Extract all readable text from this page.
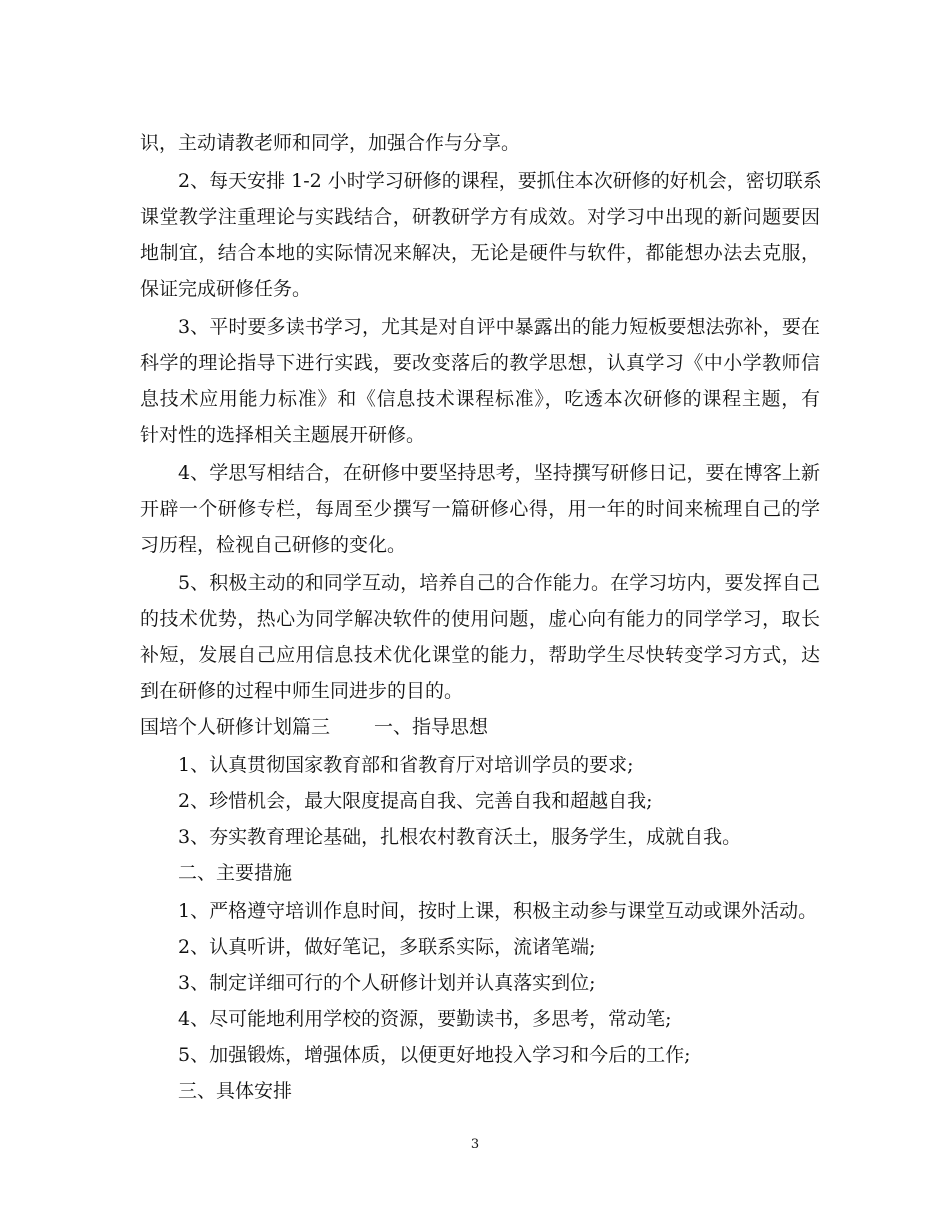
识，主动请教老师和同学，加强合作与分享。
2、每天安排 1-2 小时学习研修的课程，要抓住本次研修的好机会，密切联系
课堂教学注重理论与实践结合，研教研学方有成效。对学习中出现的新问题要因
地制宜，结合本地的实际情况来解决，无论是硬件与软件，都能想办法去克服，
保证完成研修任务。
3、平时要多读书学习，尤其是对自评中暴露出的能力短板要想法弥补，要在
科学的理论指导下进行实践，要改变落后的教学思想，认真学习《中小学教师信
息技术应用能力标准》和《信息技术课程标准》，吃透本次研修的课程主题，有
针对性的选择相关主题展开研修。
4、学思写相结合，在研修中要坚持思考，坚持撰写研修日记，要在博客上新
开辟一个研修专栏，每周至少撰写一篇研修心得，用一年的时间来梳理自己的学
习历程，检视自己研修的变化。
5、积极主动的和同学互动，培养自己的合作能力。在学习坊内，要发挥自己
的技术优势，热心为同学解决软件的使用问题，虚心向有能力的同学学习，取长
补短，发展自己应用信息技术优化课堂的能力，帮助学生尽快转变学习方式，达
到在研修的过程中师生同进步的目的。
国培个人研修计划篇三 一、指导思想
1、认真贯彻国家教育部和省教育厅对培训学员的要求;
2、珍惜机会，最大限度提高自我、完善自我和超越自我;
3、夯实教育理论基础，扎根农村教育沃土，服务学生，成就自我。
二、主要措施
1、严格遵守培训作息时间，按时上课，积极主动参与课堂互动或课外活动。
2、认真听讲，做好笔记，多联系实际，流诸笔端;
3、制定详细可行的个人研修计划并认真落实到位;
4、尽可能地利用学校的资源，要勤读书，多思考，常动笔;
5、加强锻炼，增强体质，以便更好地投入学习和今后的工作;
三、具体安排
3
